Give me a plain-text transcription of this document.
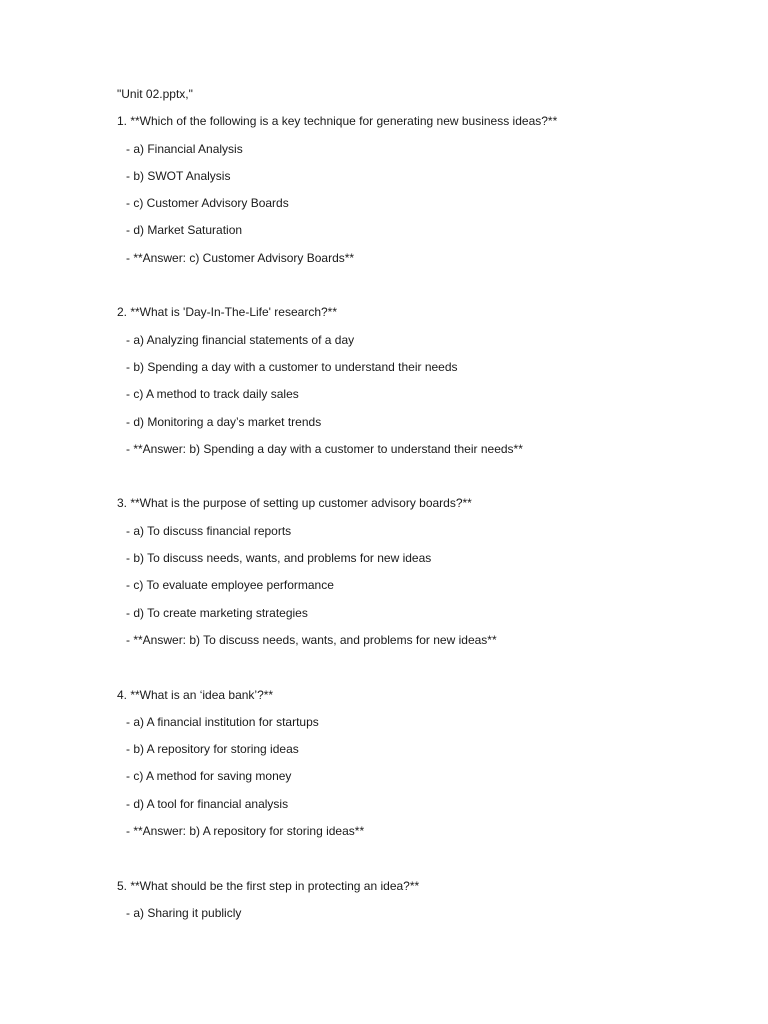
"Unit 02.pptx,"
1. **Which of the following is a key technique for generating new business ideas?**
- a) Financial Analysis
- b) SWOT Analysis
- c) Customer Advisory Boards
- d) Market Saturation
- **Answer: c) Customer Advisory Boards**
2. **What is 'Day-In-The-Life' research?**
- a) Analyzing financial statements of a day
- b) Spending a day with a customer to understand their needs
- c) A method to track daily sales
- d) Monitoring a day’s market trends
- **Answer: b) Spending a day with a customer to understand their needs**
3. **What is the purpose of setting up customer advisory boards?**
- a) To discuss financial reports
- b) To discuss needs, wants, and problems for new ideas
- c) To evaluate employee performance
- d) To create marketing strategies
- **Answer: b) To discuss needs, wants, and problems for new ideas**
4. **What is an ‘idea bank’?**
- a) A financial institution for startups
- b) A repository for storing ideas
- c) A method for saving money
- d) A tool for financial analysis
- **Answer: b) A repository for storing ideas**
5. **What should be the first step in protecting an idea?**
- a) Sharing it publicly
